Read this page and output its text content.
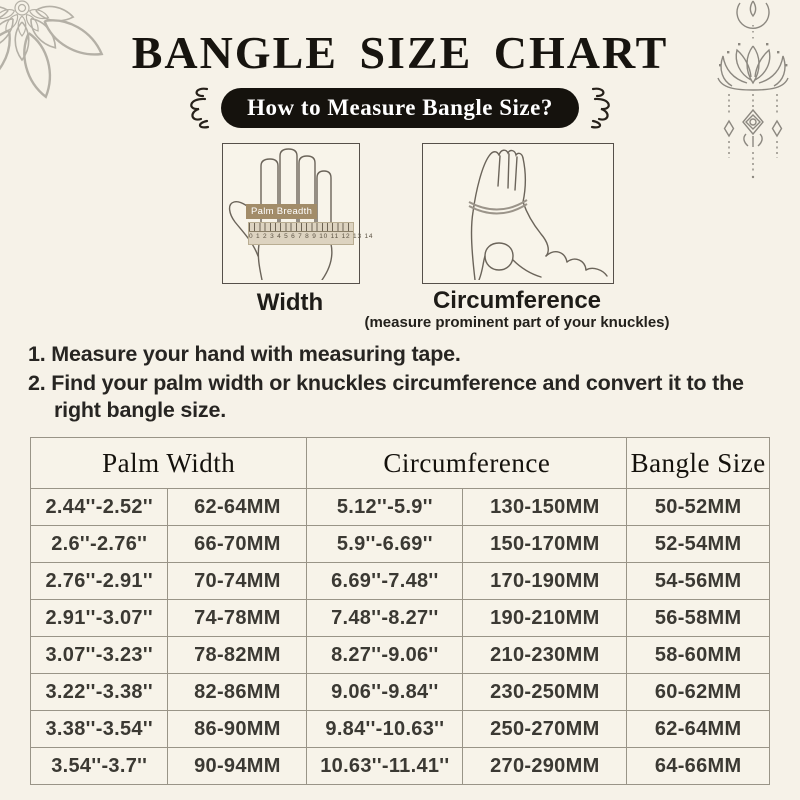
BANGLE SIZE CHART
How to Measure Bangle Size?
0 1 2 3 4 5 6 7 8 9 10 11 12 13 14
Palm Breadth
Width	Circumference
(measure prominent part of your knuckles)
1. Measure your hand with measuring tape.
2. Find your palm width or knuckles circumference and convert it to the
right bangle size.
Palm Width		Circumference		Bangle Size
2.44''-2.52''	62-64MM	5.12''-5.9''	130-150MM	50-52MM
2.6''-2.76''	66-70MM	5.9''-6.69''	150-170MM	52-54MM
2.76''-2.91''	70-74MM	6.69''-7.48''	170-190MM	54-56MM
2.91''-3.07''	74-78MM	7.48''-8.27''	190-210MM	56-58MM
3.07''-3.23''	78-82MM	8.27''-9.06''	210-230MM	58-60MM
3.22''-3.38''	82-86MM	9.06''-9.84''	230-250MM	60-62MM
3.38''-3.54''	86-90MM	9.84''-10.63''	250-270MM	62-64MM
3.54''-3.7''	90-94MM	10.63''-11.41''	270-290MM	64-66MM
